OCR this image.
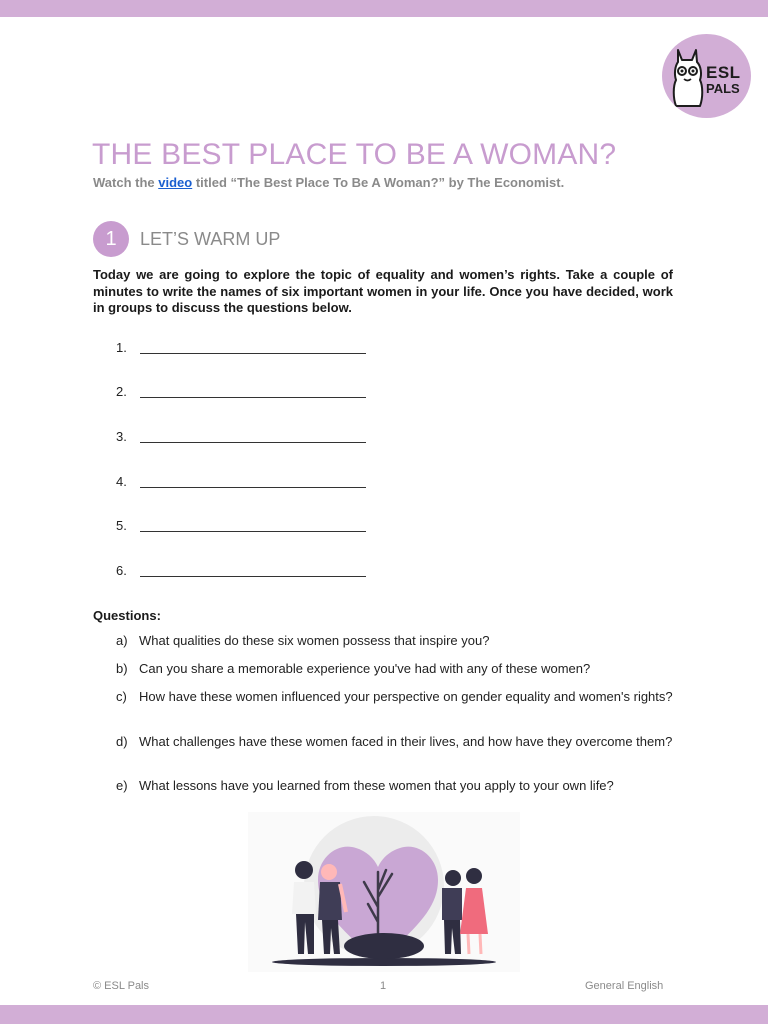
ESL
PALS
THE BEST PLACE TO BE A WOMAN?
Watch the video titled “The Best Place To Be A Woman?” by The Economist.
1	LET’S WARM UP

Today we are going to explore the topic of equality and women’s rights. Take a couple of minutes to write the names of six important women in your life. Once you have decided, work in groups to discuss the questions below.

1.
2.
3.
4.
5.
6.
Questions:
a) What qualities do these six women possess that inspire you?
b) Can you share a memorable experience you've had with any of these women?
c) How have these women influenced your perspective on gender equality and women's rights?
d) What challenges have these women faced in their lives, and how have they overcome them?
e) What lessons have you learned from these women that you apply to your own life?
© ESL Pals	1	General English
